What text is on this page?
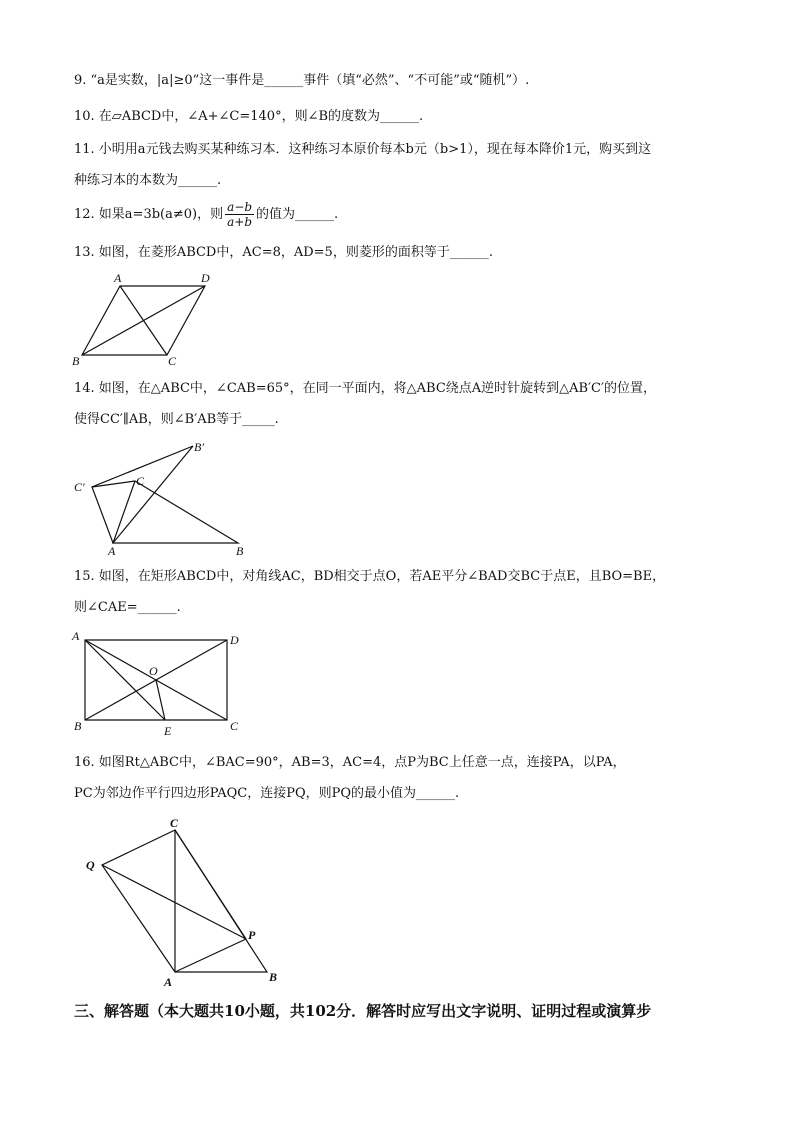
9. “a是实数，|a|≥0”这一事件是______事件（填“必然”、“不可能”或“随机”）.
10. 在▱ABCD中，∠A+∠C=140°，则∠B的度数为______.
11. 小明用a元钱去购买某种练习本．这种练习本原价每本b元（b>1），现在每本降价1元，购买到这
种练习本的本数为______.
12. 如果a=3b(a≠0)，则 $\frac{a-b}{a+b}$ 的值为______.
13. 如图，在菱形ABCD中，AC=8，AD=5，则菱形的面积等于______.
A	D
B	C
14. 如图，在△ABC中，∠CAB=65°，在同一平面内，将△ABC绕点A逆时针旋转到△AB′C′的位置，
使得CC′∥AB，则∠B′AB等于_____.
A	B
C
B′
C′
15. 如图，在矩形ABCD中，对角线AC，BD相交于点O，若AE平分∠BAD交BC于点E，且BO=BE，
则∠CAE=______.
A	D
B	C
O
E
16. 如图Rt△ABC中，∠BAC=90°，AB=3，AC=4，点P为BC上任意一点，连接PA，以PA，
PC为邻边作平行四边形PAQC，连接PQ，则PQ的最小值为______.
C
Q
P
A	B
三、解答题（本大题共10小题，共102分．解答时应写出文字说明、证明过程或演算步
